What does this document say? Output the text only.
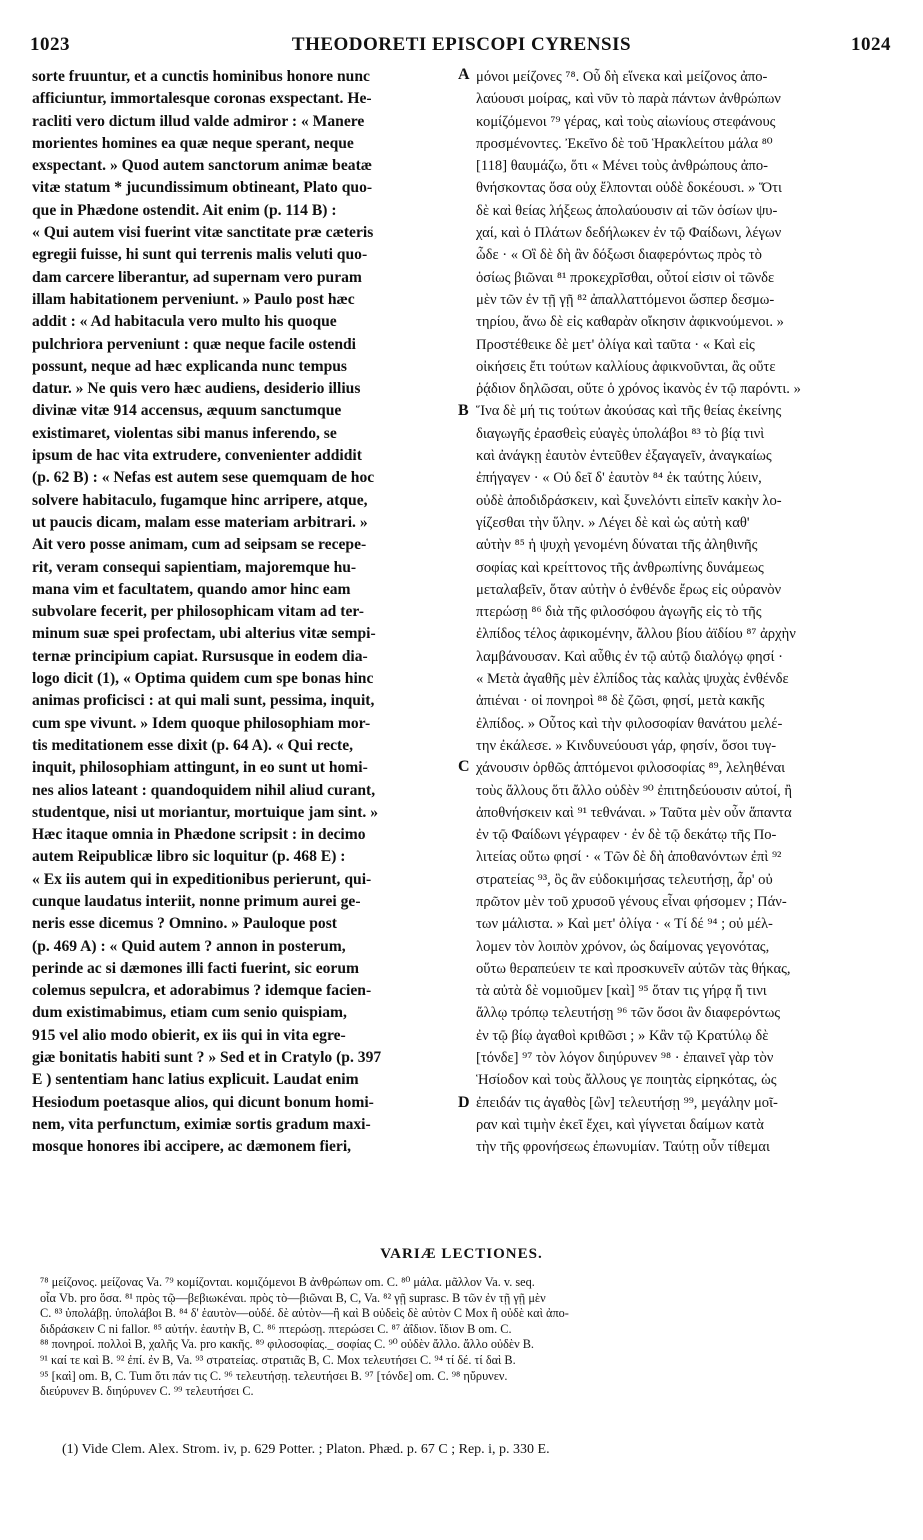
1023	THEODORETI EPISCOPI CYRENSIS	1024
sorte fruuntur, et a cunctis hominibus honore nunc
afficiuntur, immortalesque coronas exspectant. He-
racliti vero dictum illud valde admiror : « Manere
morientes homines ea quæ neque sperant, neque
exspectant. » Quod autem sanctorum animæ beatæ
vitæ statum * jucundissimum obtineant, Plato quo-
que in Phædone ostendit. Ait enim (p. 114 B) :
« Qui autem visi fuerint vitæ sanctitate præ cæteris
egregii fuisse, hi sunt qui terrenis malis veluti quo-
dam carcere liberantur, ad supernam vero puram
illam habitationem perveniunt. » Paulo post hæc
addit : « Ad habitacula vero multo his quoque
pulchriora perveniunt : quæ neque facile ostendi
possunt, neque ad hæc explicanda nunc tempus
datur. » Ne quis vero hæc audiens, desiderio illius
divinæ vitæ 914 accensus, æquum sanctumque
existimaret, violentas sibi manus inferendo, se
ipsum de hac vita extrudere, convenienter addidit
(p. 62 B) : « Nefas est autem sese quemquam de hoc
solvere habitaculo, fugamque hinc arripere, atque,
ut paucis dicam, malam esse materiam arbitrari. »
Ait vero posse animam, cum ad seipsam se recepe-
rit, veram consequi sapientiam, majoremque hu-
mana vim et facultatem, quando amor hinc eam
subvolare fecerit, per philosophicam vitam ad ter-
minum suæ spei profectam, ubi alterius vitæ sempi-
ternæ principium capiat. Rursusque in eodem dia-
logo dicit (1), « Optima quidem cum spe bonas hinc
animas proficisci : at qui mali sunt, pessima, inquit,
cum spe vivunt. » Idem quoque philosophiam mor-
tis meditationem esse dixit (p. 64 A). « Qui recte,
inquit, philosophiam attingunt, in eo sunt ut homi-
nes alios lateant : quandoquidem nihil aliud curant,
studentque, nisi ut moriantur, mortuique jam sint. »
Hæc itaque omnia in Phædone scripsit : in decimo
autem Reipublicæ libro sic loquitur (p. 468 E) :
« Ex iis autem qui in expeditionibus perierunt, qui-
cunque laudatus interiit, nonne primum aurei ge-
neris esse dicemus ? Omnino. » Pauloque post
(p. 469 A) : « Quid autem ? annon in posterum,
perinde ac si dæmones illi facti fuerint, sic eorum
colemus sepulcra, et adorabimus ? idemque facien-
dum existimabimus, etiam cum senio quispiam,
915 vel alio modo obierit, ex iis qui in vita egre-
giæ bonitatis habiti sunt ? » Sed et in Cratylo (p. 397
E ) sententiam hanc latius explicuit. Laudat enim
Hesiodum poetasque alios, qui dicunt bonum homi-
nem, vita perfunctum, eximiæ sortis gradum maxi-
mosque honores ibi accipere, ac dæmonem fieri,
μόνοι μείζονες ⁷⁸. Οὗ δὴ εἵνεκα καὶ μείζονος ἀπο-
λαύουσι μοίρας, καὶ νῦν τὸ παρὰ πάντων ἀνθρώπων
κομίζόμενοι ⁷⁹ γέρας, καὶ τοὺς αἰωνίους στεφάνους
προσμένοντες. Ἐκεῖνο δὲ τοῦ Ἡρακλείτου μάλα ⁸⁰
[118] θαυμάζω, ὅτι « Μένει τοὺς ἀνθρώπους ἀπο-
θνήσκοντας ὅσα οὐχ ἔλπονται οὐδὲ δοκέουσι. » Ὅτι
δὲ καὶ θείας λήξεως ἀπολαύουσιν αἱ τῶν ὁσίων ψυ-
χαί, καὶ ὁ Πλάτων δεδήλωκεν ἐν τῷ Φαίδωνι, λέγων
ὧδε · « Οἳ δὲ δὴ ἂν δόξωσι διαφερόντως πρὸς τὸ
ὁσίως βιῶναι ⁸¹ προκεχρῖσθαι, οὗτοί εἰσιν οἱ τῶνδε
μὲν τῶν ἐν τῇ γῇ ⁸² ἀπαλλαττόμενοι ὥσπερ δεσμω-
τηρίου, ἄνω δὲ εἰς καθαρὰν οἴκησιν ἀφικνούμενοι. »
Προστέθεικε δὲ μετ' ὀλίγα καὶ ταῦτα · « Καὶ εἰς
οἰκήσεις ἔτι τούτων καλλίους ἀφικνοῦνται, ἃς οὔτε
ῥᾴδιον δηλῶσαι, οὔτε ὁ χρόνος ἱκανὸς ἐν τῷ παρόντι. »
Ἵνα δὲ μή τις τούτων ἀκούσας καὶ τῆς θείας ἐκείνης
διαγωγῆς ἐρασθεὶς εὐαγὲς ὑπολάβοι ⁸³ τὸ βίᾳ τινὶ
καὶ ἀνάγκῃ ἑαυτὸν ἐντεῦθεν ἐξαγαγεῖν, ἀναγκαίως
ἐπήγαγεν · « Οὐ δεῖ δ' ἑαυτὸν ⁸⁴ ἐκ ταύτης λύειν,
οὐδὲ ἀποδιδράσκειν, καὶ ξυνελόντι εἰπεῖν κακὴν λο-
γίζεσθαι τὴν ὕλην. » Λέγει δὲ καὶ ὡς αὐτὴ καθ'
αὑτὴν ⁸⁵ ἡ ψυχὴ γενομένη δύναται τῆς ἀληθινῆς
σοφίας καὶ κρείττονος τῆς ἀνθρωπίνης δυνάμεως
μεταλαβεῖν, ὅταν αὐτὴν ὁ ἐνθένδε ἔρως εἰς οὐρανὸν
πτερώσῃ ⁸⁶ διὰ τῆς φιλοσόφου ἀγωγῆς εἰς τὸ τῆς
ἐλπίδος τέλος ἀφικομένην, ἄλλου βίου ἀϊδίου ⁸⁷ ἀρχὴν
λαμβάνουσαν. Καὶ αὖθις ἐν τῷ αὐτῷ διαλόγῳ φησί ·
« Μετὰ ἀγαθῆς μὲν ἐλπίδος τὰς καλὰς ψυχὰς ἐνθένδε
ἀπιέναι · οἱ πονηροὶ ⁸⁸ δὲ ζῶσι, φησί, μετὰ κακῆς
ἐλπίδος. » Οὗτος καὶ τὴν φιλοσοφίαν θανάτου μελέ-
την ἐκάλεσε. » Κινδυνεύουσι γάρ, φησίν, ὅσοι τυγ-
χάνουσιν ὀρθῶς ἁπτόμενοι φιλοσοφίας ⁸⁹, λεληθέναι
τοὺς ἄλλους ὅτι ἄλλο οὐδὲν ⁹⁰ ἐπιτηδεύουσιν αὐτοί, ἢ
ἀποθνήσκειν καὶ ⁹¹ τεθνάναι. » Ταῦτα μὲν οὖν ἅπαντα
ἐν τῷ Φαίδωνι γέγραφεν · ἐν δὲ τῷ δεκάτῳ τῆς Πο-
λιτείας οὕτω φησί · « Τῶν δὲ δὴ ἀποθανόντων ἐπὶ ⁹²
στρατείας ⁹³, ὃς ἂν εὐδοκιμήσας τελευτήσῃ, ἆρ' οὐ
πρῶτον μὲν τοῦ χρυσοῦ γένους εἶναι φήσομεν ; Πάν-
των μάλιστα. » Καὶ μετ' ὀλίγα · « Τί δέ ⁹⁴ ; οὐ μέλ-
λομεν τὸν λοιπὸν χρόνον, ὡς δαίμονας γεγονότας,
οὕτω θεραπεύειν τε καὶ προσκυνεῖν αὐτῶν τὰς θήκας,
τὰ αὐτὰ δὲ νομιοῦμεν [καὶ] ⁹⁵ ὅταν τις γήρᾳ ἤ τινι
ἄλλῳ τρόπῳ τελευτήσῃ ⁹⁶ τῶν ὅσοι ἂν διαφερόντως
ἐν τῷ βίῳ ἀγαθοὶ κριθῶσι ; » Κἂν τῷ Κρατύλῳ δὲ
[τόνδε] ⁹⁷ τὸν λόγον διηύρυνεν ⁹⁸ · ἐπαινεῖ γὰρ τὸν
Ἡσίοδον καὶ τοὺς ἄλλους γε ποιητὰς εἰρηκότας, ὡς
ἐπειδάν τις ἀγαθὸς [ὢν] τελευτήσῃ ⁹⁹, μεγάλην μοῖ-
ραν καὶ τιμὴν ἐκεῖ ἔχει, καὶ γίγνεται δαίμων κατὰ
τὴν τῆς φρονήσεως ἐπωνυμίαν. Ταύτῃ οὖν τίθεμαι
A
B
C
D
VARIÆ LECTIONES.
⁷⁸ μείζονος. μείζονας Va. ⁷⁹ κομίζονται. κομιζόμενοι B ἀνθρώπων om. C. ⁸⁰ μάλα. μᾶλλον Va. v. seq.
οἷα Vb. pro ὅσα. ⁸¹ πρὸς τῷ—βεβιωκέναι. πρὸς τὸ—βιῶναι B, C, Va. ⁸² γῇ suprasc. B τῶν ἐν τῇ γῇ μὲν
C. ⁸³ ὑπολάβῃ. ὑπολάβοι B. ⁸⁴ δ' ἑαυτὸν—οὐδέ. δὲ αὐτὸν—ἢ καὶ B οὐδεὶς δὲ αὐτὸν C Mox ἢ οὐδὲ καὶ ἀπο-
διδράσκειν C ni fallor. ⁸⁵ αὑτήν. ἑαυτὴν B, C. ⁸⁶ πτερώσῃ. πτερώσει C. ⁸⁷ ἀΐδιον. ἴδιον B om. C.
⁸⁸ πονηροί. πολλοὶ B, χαλῆς Va. pro κακῆς. ⁸⁹ φιλοσοφίας._ σοφίας C. ⁹⁰ οὐδὲν ἄλλο. ἄλλο οὐδὲν B.
⁹¹ καί τε καὶ B. ⁹² ἐπί. ἐν B, Va. ⁹³ στρατείας. στρατιᾶς B, C. Mox τελευτήσει C. ⁹⁴ τί δέ. τί δαὶ B.
⁹⁵ [καὶ] om. B, C. Tum ὅτι πάν τις C. ⁹⁶ τελευτήσῃ. τελευτήσει B. ⁹⁷ [τόνδε] om. C. ⁹⁸ ηὔρυνεν.
διεύρυνεν B. διηύρυνεν C. ⁹⁹ τελευτήσει C.
(1) Vide Clem. Alex. Strom. iv, p. 629 Potter. ; Platon. Phæd. p. 67 C ; Rep. i, p. 330 E.
